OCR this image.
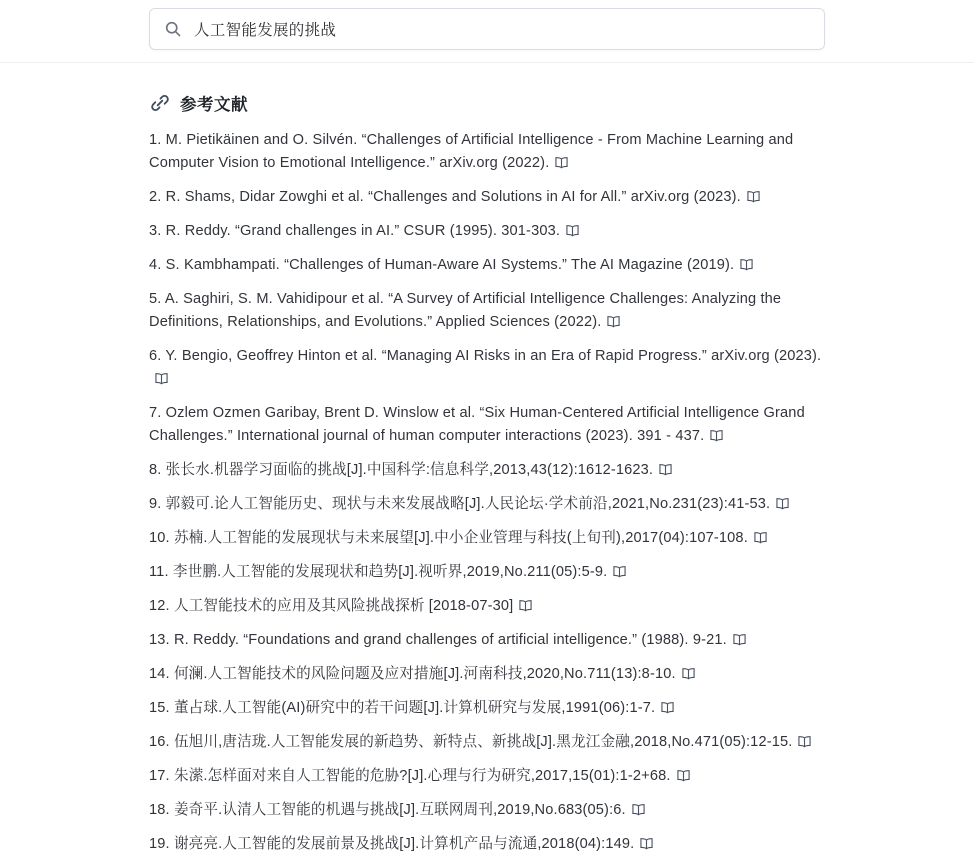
人工智能发展的挑战
参考文献
1. M. Pietikäinen and O. Silvén. “Challenges of Artificial Intelligence - From Machine Learning and Computer Vision to Emotional Intelligence.” arXiv.org (2022).
2. R. Shams, Didar Zowghi et al. “Challenges and Solutions in AI for All.” arXiv.org (2023).
3. R. Reddy. “Grand challenges in AI.” CSUR (1995). 301-303.
4. S. Kambhampati. “Challenges of Human-Aware AI Systems.” The AI Magazine (2019).
5. A. Saghiri, S. M. Vahidipour et al. “A Survey of Artificial Intelligence Challenges: Analyzing the Definitions, Relationships, and Evolutions.” Applied Sciences (2022).
6. Y. Bengio, Geoffrey Hinton et al. “Managing AI Risks in an Era of Rapid Progress.” arXiv.org (2023).
7. Ozlem Ozmen Garibay, Brent D. Winslow et al. “Six Human-Centered Artificial Intelligence Grand Challenges.” International journal of human computer interactions (2023). 391 - 437.
8. 张长水.机器学习面临的挑战[J].中国科学:信息科学,2013,43(12):1612-1623.
9. 郭毅可.论人工智能历史、现状与未来发展战略[J].人民论坛·学术前沿,2021,No.231(23):41-53.
10. 苏楠.人工智能的发展现状与未来展望[J].中小企业管理与科技(上旬刊),2017(04):107-108.
11. 李世鹏.人工智能的发展现状和趋势[J].视听界,2019,No.211(05):5-9.
12. 人工智能技术的应用及其风险挑战探析 [2018-07-30]
13. R. Reddy. “Foundations and grand challenges of artificial intelligence.” (1988). 9-21.
14. 何澜.人工智能技术的风险问题及应对措施[J].河南科技,2020,No.711(13):8-10.
15. 董占球.人工智能(AI)研究中的若干问题[J].计算机研究与发展,1991(06):1-7.
16. 伍旭川,唐洁珑.人工智能发展的新趋势、新特点、新挑战[J].黑龙江金融,2018,No.471(05):12-15.
17. 朱潆.怎样面对来自人工智能的危胁?[J].心理与行为研究,2017,15(01):1-2+68.
18. 姜奇平.认清人工智能的机遇与挑战[J].互联网周刊,2019,No.683(05):6.
19. 谢亮亮.人工智能的发展前景及挑战[J].计算机产品与流通,2018(04):149.
